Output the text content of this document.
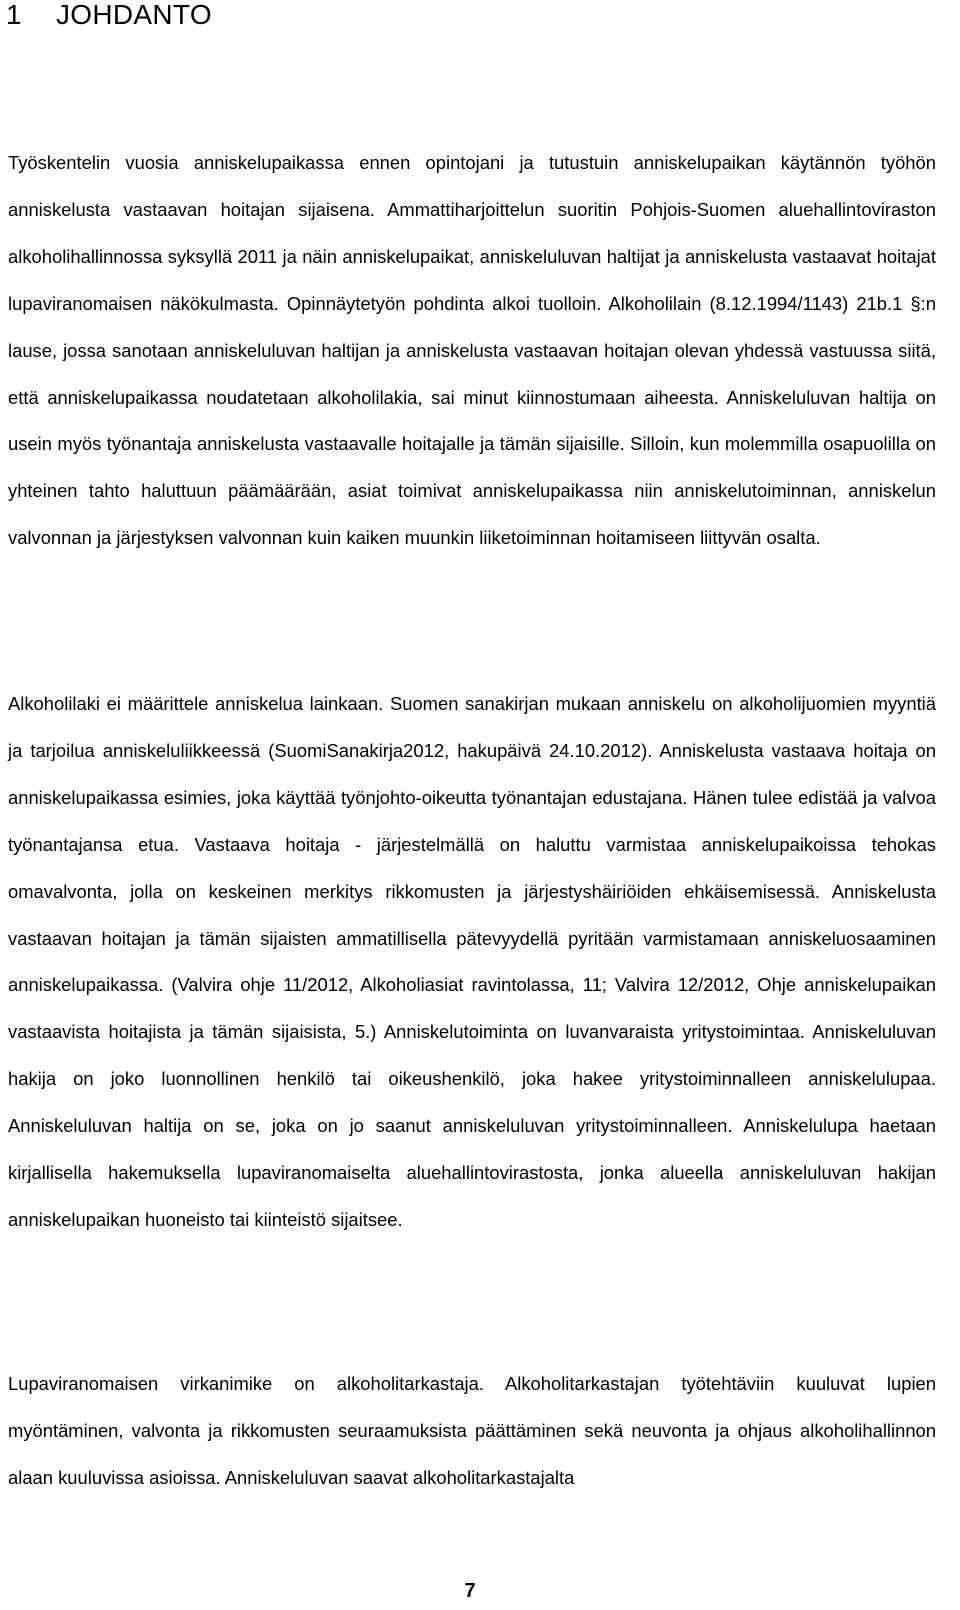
1 JOHDANTO

Työskentelin vuosia anniskelupaikassa ennen opintojani ja tutustuin anniskelupaikan käytännön työhön anniskelusta vastaavan hoitajan sijaisena. Ammattiharjoittelun suoritin Pohjois-Suomen aluehallintoviraston alkoholihallinnossa syksyllä 2011 ja näin anniskelupaikat, anniskeluluvan haltijat ja anniskelusta vastaavat hoitajat lupaviranomaisen näkökulmasta. Opinnäytetyön pohdinta alkoi tuolloin. Alkoholilain (8.12.1994/1143) 21b.1 §:n lause, jossa sanotaan anniskeluluvan haltijan ja anniskelusta vastaavan hoitajan olevan yhdessä vastuussa siitä, että anniskelupaikassa noudatetaan alkoholilakia, sai minut kiinnostumaan aiheesta. Anniskeluluvan haltija on usein myös työnantaja anniskelusta vastaavalle hoitajalle ja tämän sijaisille. Silloin, kun molemmilla osapuolilla on yhteinen tahto haluttuun päämäärään, asiat toimivat anniskelupaikassa niin anniskelutoiminnan, anniskelun valvonnan ja järjestyksen valvonnan kuin kaiken muunkin liiketoiminnan hoitamiseen liittyvän osalta.

Alkoholilaki ei määrittele anniskelua lainkaan. Suomen sanakirjan mukaan anniskelu on alkoholijuomien myyntiä ja tarjoilua anniskeluliikkeessä (SuomiSanakirja2012, hakupäivä 24.10.2012). Anniskelusta vastaava hoitaja on anniskelupaikassa esimies, joka käyttää työnjohto-oikeutta työnantajan edustajana. Hänen tulee edistää ja valvoa työnantajansa etua. Vastaava hoitaja - järjestelmällä on haluttu varmistaa anniskelupaikoissa tehokas omavalvonta, jolla on keskeinen merkitys rikkomusten ja järjestyshäiriöiden ehkäisemisessä. Anniskelusta vastaavan hoitajan ja tämän sijaisten ammatillisella pätevyydellä pyritään varmistamaan anniskeluosaaminen anniskelupaikassa. (Valvira ohje 11/2012, Alkoholiasiat ravintolassa, 11; Valvira 12/2012, Ohje anniskelupaikan vastaavista hoitajista ja tämän sijaisista, 5.) Anniskelutoiminta on luvanvaraista yritystoimintaa. Anniskeluluvan hakija on joko luonnollinen henkilö tai oikeushenkilö, joka hakee yritystoiminnalleen anniskelulupaa. Anniskeluluvan haltija on se, joka on jo saanut anniskeluluvan yritystoiminnalleen. Anniskelulupa haetaan kirjallisella hakemuksella lupaviranomaiselta aluehallintovirastosta, jonka alueella anniskeluluvan hakijan anniskelupaikan huoneisto tai kiinteistö sijaitsee.

Lupaviranomaisen virkanimike on alkoholitarkastaja. Alkoholitarkastajan työtehtäviin kuuluvat lupien myöntäminen, valvonta ja rikkomusten seuraamuksista päättäminen sekä neuvonta ja ohjaus alkoholihallinnon alaan kuuluvissa asioissa. Anniskeluluvan saavat alkoholitarkastajalta

7
